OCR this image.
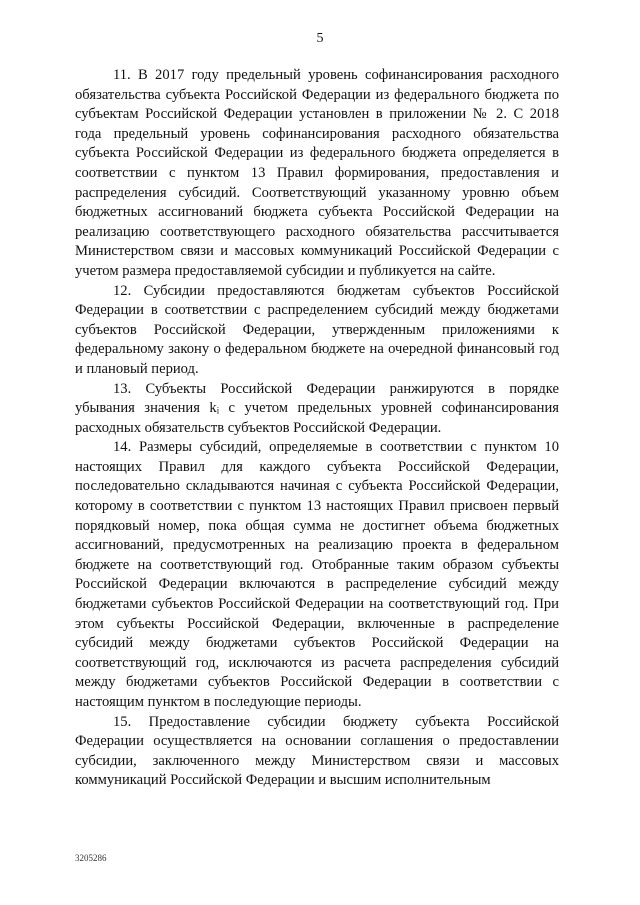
5

11. В 2017 году предельный уровень софинансирования расходного обязательства субъекта Российской Федерации из федерального бюджета по субъектам Российской Федерации установлен в приложении № 2. С 2018 года предельный уровень софинансирования расходного обязательства субъекта Российской Федерации из федерального бюджета определяется в соответствии с пунктом 13 Правил формирования, предоставления и распределения субсидий. Соответствующий указанному уровню объем бюджетных ассигнований бюджета субъекта Российской Федерации на реализацию соответствующего расходного обязательства рассчитывается Министерством связи и массовых коммуникаций Российской Федерации с учетом размера предоставляемой субсидии и публикуется на сайте.

12. Субсидии предоставляются бюджетам субъектов Российской Федерации в соответствии с распределением субсидий между бюджетами субъектов Российской Федерации, утвержденным приложениями к федеральному закону о федеральном бюджете на очередной финансовый год и плановый период.

13. Субъекты Российской Федерации ранжируются в порядке убывания значения kᵢ с учетом предельных уровней софинансирования расходных обязательств субъектов Российской Федерации.

14. Размеры субсидий, определяемые в соответствии с пунктом 10 настоящих Правил для каждого субъекта Российской Федерации, последовательно складываются начиная с субъекта Российской Федерации, которому в соответствии с пунктом 13 настоящих Правил присвоен первый порядковый номер, пока общая сумма не достигнет объема бюджетных ассигнований, предусмотренных на реализацию проекта в федеральном бюджете на соответствующий год. Отобранные таким образом субъекты Российской Федерации включаются в распределение субсидий между бюджетами субъектов Российской Федерации на соответствующий год. При этом субъекты Российской Федерации, включенные в распределение субсидий между бюджетами субъектов Российской Федерации на соответствующий год, исключаются из расчета распределения субсидий между бюджетами субъектов Российской Федерации в соответствии с настоящим пунктом в последующие периоды.

15. Предоставление субсидии бюджету субъекта Российской Федерации осуществляется на основании соглашения о предоставлении субсидии, заключенного между Министерством связи и массовых коммуникаций Российской Федерации и высшим исполнительным

3205286
